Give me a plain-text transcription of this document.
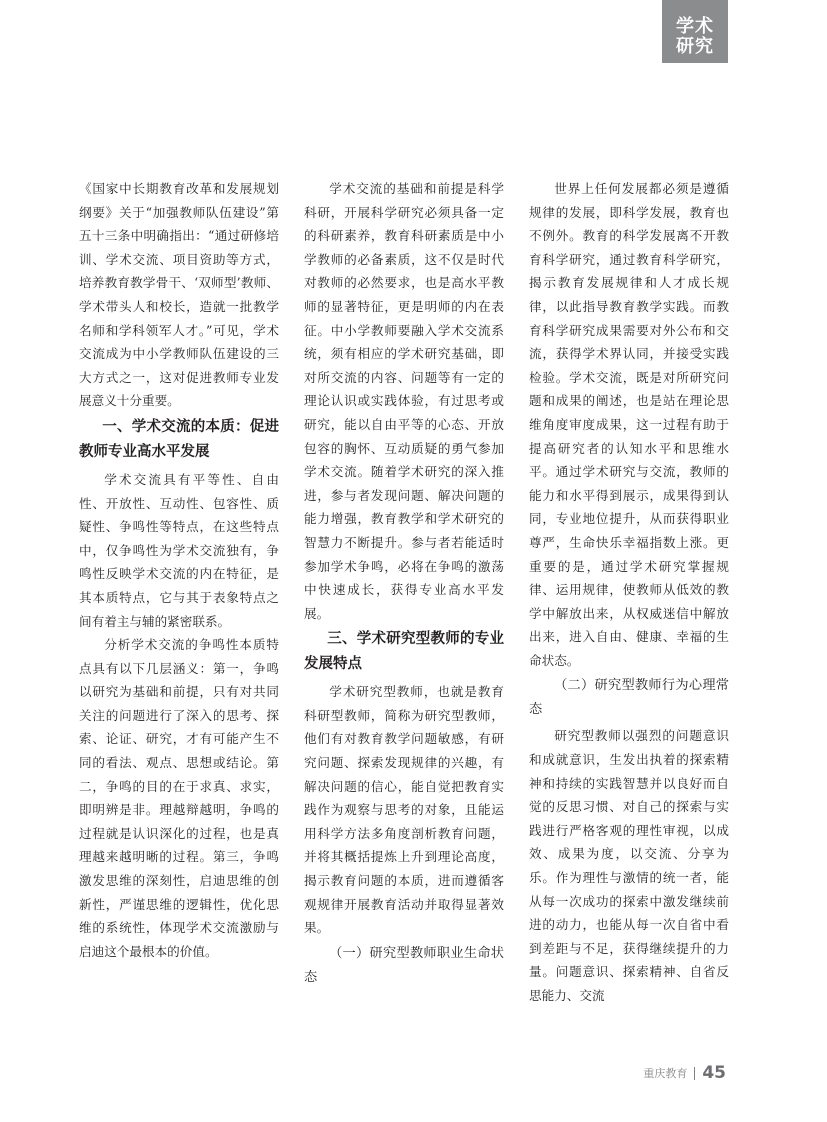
学术
研究

《国家中长期教育改革和发展规划纲要》关于“加强教师队伍建设”第五十三条中明确指出：“通过研修培训、学术交流、项目资助等方式，培养教育教学骨干、‘双师型’教师、学术带头人和校长，造就一批教学名师和学科领军人才。”可见，学术交流成为中小学教师队伍建设的三大方式之一，这对促进教师专业发展意义十分重要。

一、学术交流的本质：促进教师专业高水平发展

学术交流具有平等性、自由性、开放性、互动性、包容性、质疑性、争鸣性等特点，在这些特点中，仅争鸣性为学术交流独有，争鸣性反映学术交流的内在特征，是其本质特点，它与其于表象特点之间有着主与辅的紧密联系。

分析学术交流的争鸣性本质特点具有以下几层涵义：第一，争鸣以研究为基础和前提，只有对共同关注的问题进行了深入的思考、探索、论证、研究，才有可能产生不同的看法、观点、思想或结论。第二，争鸣的目的在于求真、求实，即明辨是非。理越辩越明，争鸣的过程就是认识深化的过程，也是真理越来越明晰的过程。第三，争鸣激发思维的深刻性，启迪思维的创新性，严谨思维的逻辑性，优化思维的系统性，体现学术交流激励与启迪这个最根本的价值。

学术交流的基础和前提是科学科研，开展科学研究必须具备一定的科研素养，教育科研素质是中小学教师的必备素质，这不仅是时代对教师的必然要求，也是高水平教师的显著特征，更是明师的内在表征。中小学教师要融入学术交流系统，须有相应的学术研究基础，即对所交流的内容、问题等有一定的理论认识或实践体验，有过思考或研究，能以自由平等的心态、开放包容的胸怀、互动质疑的勇气参加学术交流。随着学术研究的深入推进，参与者发现问题、解决问题的能力增强，教育教学和学术研究的智慧力不断提升。参与者若能适时参加学术争鸣，必将在争鸣的激荡中快速成长，获得专业高水平发展。

三、学术研究型教师的专业发展特点

学术研究型教师，也就是教育科研型教师，简称为研究型教师，他们有对教育教学问题敏感，有研究问题、探索发现规律的兴趣，有解决问题的信心，能自觉把教育实践作为观察与思考的对象，且能运用科学方法多角度剖析教育问题，并将其概括提炼上升到理论高度，揭示教育问题的本质，进而遵循客观规律开展教育活动并取得显著效果。

（一）研究型教师职业生命状态

世界上任何发展都必须是遵循规律的发展，即科学发展，教育也不例外。教育的科学发展离不开教育科学研究，通过教育科学研究，揭示教育发展规律和人才成长规律，以此指导教育教学实践。而教育科学研究成果需要对外公布和交流，获得学术界认同，并接受实践检验。学术交流，既是对所研究问题和成果的阐述，也是站在理论思维角度审度成果，这一过程有助于提高研究者的认知水平和思维水平。通过学术研究与交流，教师的能力和水平得到展示，成果得到认同，专业地位提升，从而获得职业尊严，生命快乐幸福指数上涨。更重要的是，通过学术研究掌握规律、运用规律，使教师从低效的教学中解放出来，从权威迷信中解放出来，进入自由、健康、幸福的生命状态。

（二）研究型教师行为心理常态

研究型教师以强烈的问题意识和成就意识，生发出执着的探索精神和持续的实践智慧并以良好而自觉的反思习惯、对自己的探索与实践进行严格客观的理性审视，以成效、成果为度，以交流、分享为乐。作为理性与激情的统一者，能从每一次成功的探索中激发继续前进的动力，也能从每一次自省中看到差距与不足，获得继续提升的力量。问题意识、探索精神、自省反思能力、交流

重庆教育 45
